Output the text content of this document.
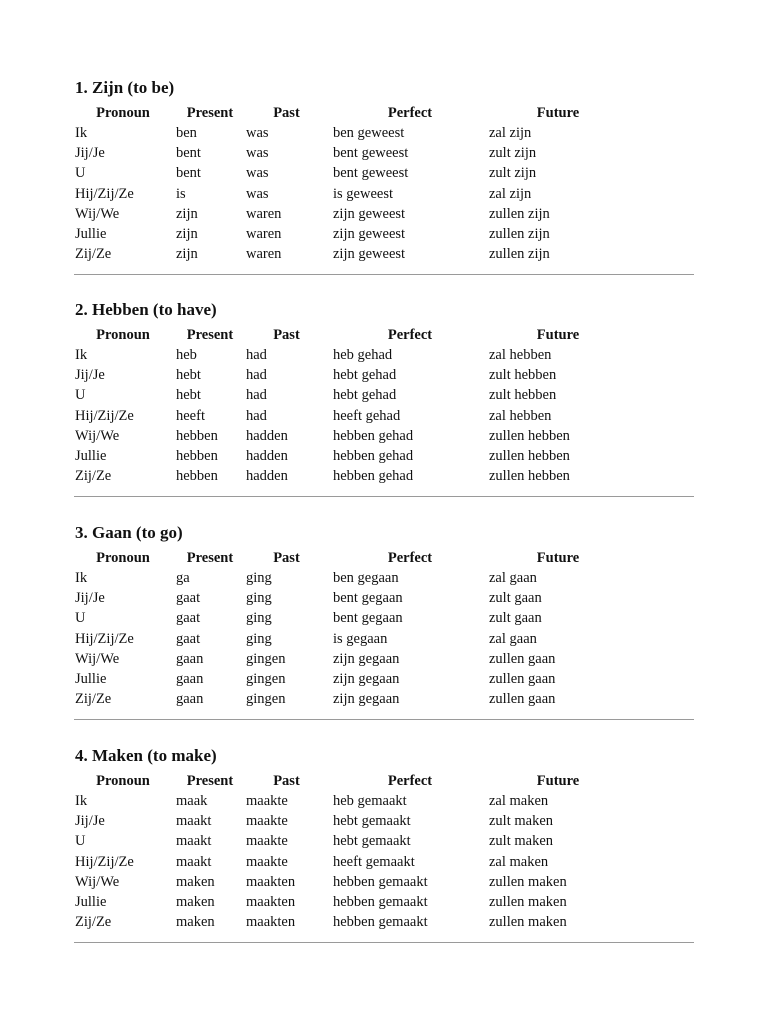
1. Zijn (to be)
Pronoun	Present	Past	Perfect	Future
Ik	ben	was	ben geweest	zal zijn
Jij/Je	bent	was	bent geweest	zult zijn
U	bent	was	bent geweest	zult zijn
Hij/Zij/Ze	is	was	is geweest	zal zijn
Wij/We	zijn	waren	zijn geweest	zullen zijn
Jullie	zijn	waren	zijn geweest	zullen zijn
Zij/Ze	zijn	waren	zijn geweest	zullen zijn
2. Hebben (to have)
Pronoun	Present	Past	Perfect	Future
Ik	heb	had	heb gehad	zal hebben
Jij/Je	hebt	had	hebt gehad	zult hebben
U	hebt	had	hebt gehad	zult hebben
Hij/Zij/Ze	heeft	had	heeft gehad	zal hebben
Wij/We	hebben	hadden	hebben gehad	zullen hebben
Jullie	hebben	hadden	hebben gehad	zullen hebben
Zij/Ze	hebben	hadden	hebben gehad	zullen hebben
3. Gaan (to go)
Pronoun	Present	Past	Perfect	Future
Ik	ga	ging	ben gegaan	zal gaan
Jij/Je	gaat	ging	bent gegaan	zult gaan
U	gaat	ging	bent gegaan	zult gaan
Hij/Zij/Ze	gaat	ging	is gegaan	zal gaan
Wij/We	gaan	gingen	zijn gegaan	zullen gaan
Jullie	gaan	gingen	zijn gegaan	zullen gaan
Zij/Ze	gaan	gingen	zijn gegaan	zullen gaan
4. Maken (to make)
Pronoun	Present	Past	Perfect	Future
Ik	maak	maakte	heb gemaakt	zal maken
Jij/Je	maakt	maakte	hebt gemaakt	zult maken
U	maakt	maakte	hebt gemaakt	zult maken
Hij/Zij/Ze	maakt	maakte	heeft gemaakt	zal maken
Wij/We	maken	maakten	hebben gemaakt	zullen maken
Jullie	maken	maakten	hebben gemaakt	zullen maken
Zij/Ze	maken	maakten	hebben gemaakt	zullen maken
